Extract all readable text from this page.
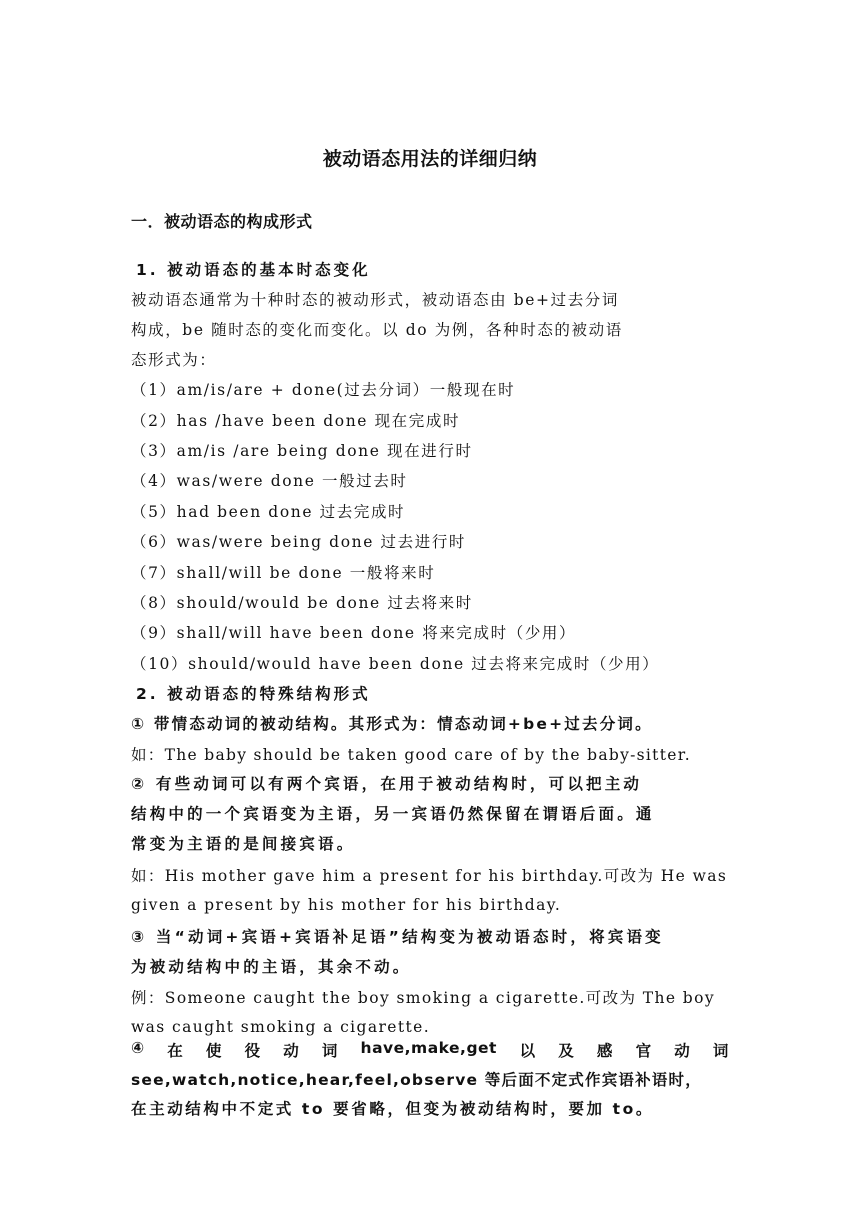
被动语态用法的详细归纳
一．被动语态的构成形式
1. 被动语态的基本时态变化
被动语态通常为十种时态的被动形式，被动语态由 be+过去分词
构成，be 随时态的变化而变化。以 do 为例，各种时态的被动语
态形式为：
（1）am/is/are + done(过去分词）一般现在时
（2）has /have been done 现在完成时
（3）am/is /are being done 现在进行时
（4）was/were done 一般过去时
（5）had been done 过去完成时
（6）was/were being done 过去进行时
（7）shall/will be done 一般将来时
（8）should/would be done 过去将来时
（9）shall/will have been done 将来完成时（少用）
（10）should/would have been done 过去将来完成时（少用）
2. 被动语态的特殊结构形式
① 带情态动词的被动结构。其形式为：情态动词+be+过去分词。
如：The baby should be taken good care of by the baby-sitter.
② 有些动词可以有两个宾语，在用于被动结构时，可以把主动
结构中的一个宾语变为主语，另一宾语仍然保留在谓语后面。通
常变为主语的是间接宾语。
如：His mother gave him a present for his birthday.可改为 He was
given a present by his mother for his birthday.
③ 当“动词+宾语+宾语补足语”结构变为被动语态时，将宾语变
为被动结构中的主语，其余不动。
例：Someone caught the boy smoking a cigarette.可改为 The boy
was caught smoking a cigarette.
④ 在 使 役 动 词 have,make,get 以 及 感 官 动 词
see,watch,notice,hear,feel,observe 等后面不定式作宾语补语时，
在主动结构中不定式 to 要省略，但变为被动结构时，要加 to。
